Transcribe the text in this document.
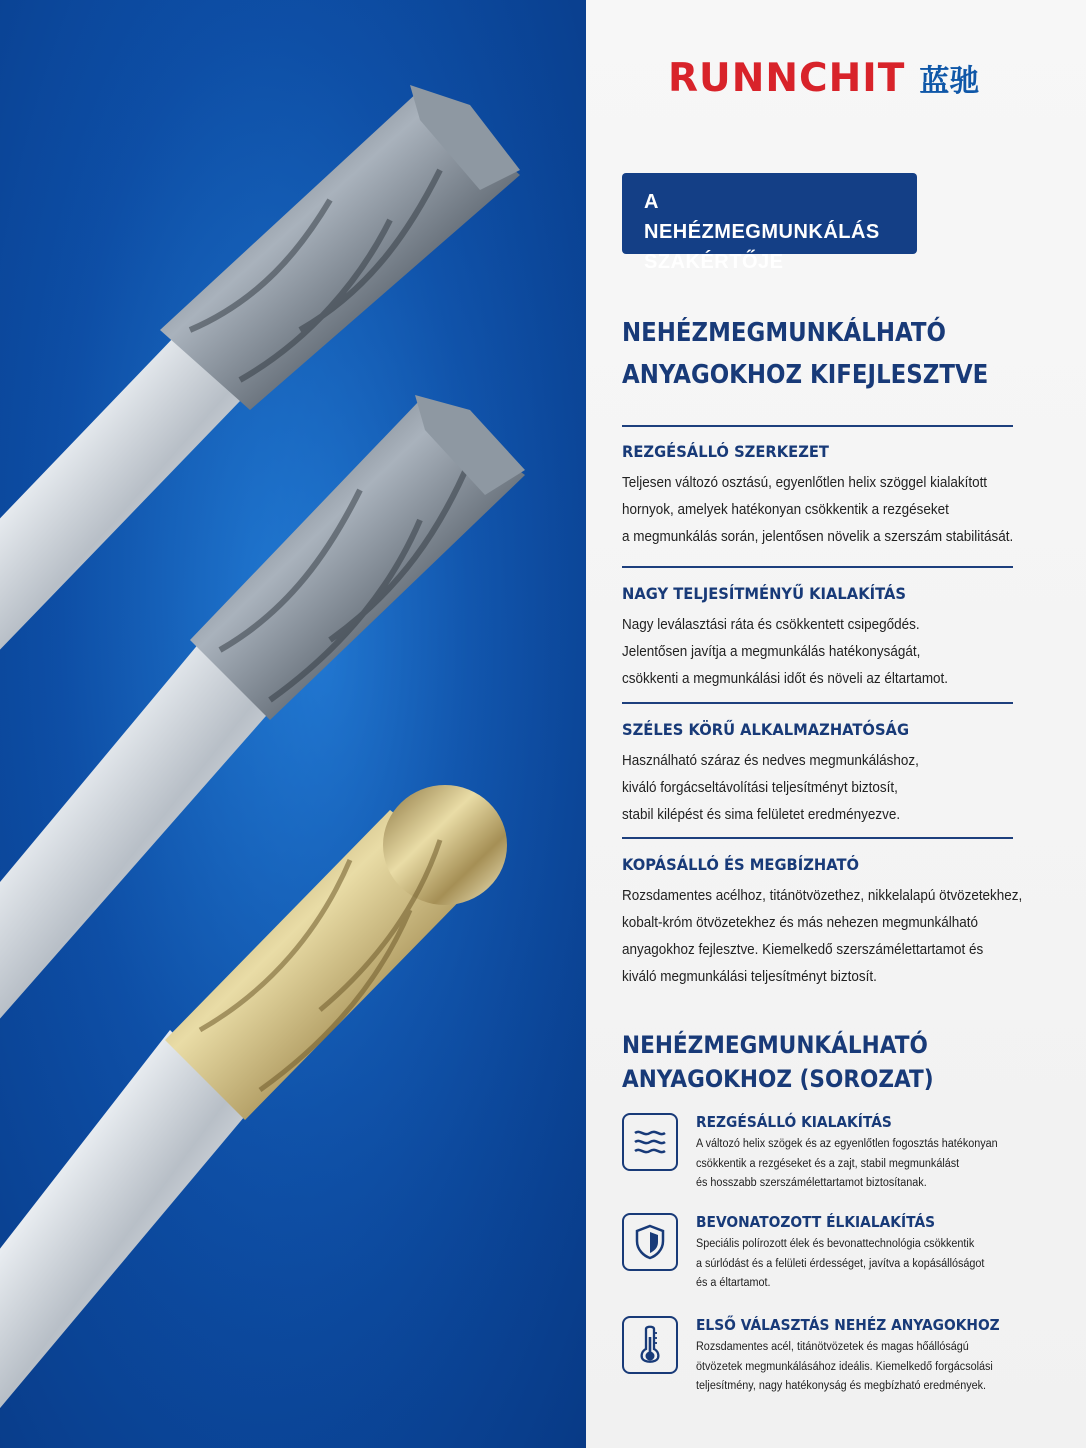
RUNNCHIT 蓝驰
A NEHÉZMEGMUNKÁLÁS
SZAKÉRTŐJE
NEHÉZMEGMUNKÁLHATÓ
ANYAGOKHOZ KIFEJLESZTVE
REZGÉSÁLLÓ SZERKEZET

Teljesen változó osztású, egyenlőtlen helix szöggel kialakított
hornyok, amelyek hatékonyan csökkentik a rezgéseket
a megmunkálás során, jelentősen növelik a szerszám stabilitását.

NAGY TELJESÍTMÉNYŰ KIALAKÍTÁS

Nagy leválasztási ráta és csökkentett csipegődés.
Jelentősen javítja a megmunkálás hatékonyságát,
csökkenti a megmunkálási időt és növeli az éltartamot.

SZÉLES KÖRŰ ALKALMAZHATÓSÁG

Használható száraz és nedves megmunkáláshoz,
kiváló forgácseltávolítási teljesítményt biztosít,
stabil kilépést és sima felületet eredményezve.

KOPÁSÁLLÓ ÉS MEGBÍZHATÓ

Rozsdamentes acélhoz, titánötvözethez, nikkelalapú ötvözetekhez,
kobalt-króm ötvözetekhez és más nehezen megmunkálható
anyagokhoz fejlesztve. Kiemelkedő szerszámélettartamot és
kiváló megmunkálási teljesítményt biztosít.

NEHÉZMEGMUNKÁLHATÓ
ANYAGOKHOZ (SOROZAT)
REZGÉSÁLLÓ KIALAKÍTÁS
A változó helix szögek és az egyenlőtlen fogosztás hatékonyan
csökkentik a rezgéseket és a zajt, stabil megmunkálást
és hosszabb szerszámélettartamot biztosítanak.
BEVONATOZOTT ÉLKIALAKÍTÁS
Speciális polírozott élek és bevonattechnológia csökkentik
a súrlódást és a felületi érdességet, javítva a kopásállóságot
és a éltartamot.
ELSŐ VÁLASZTÁS NEHÉZ ANYAGOKHOZ
Rozsdamentes acél, titánötvözetek és magas hőállóságú
ötvözetek megmunkálásához ideális. Kiemelkedő forgácsolási
teljesítmény, nagy hatékonyság és megbízható eredmények.
